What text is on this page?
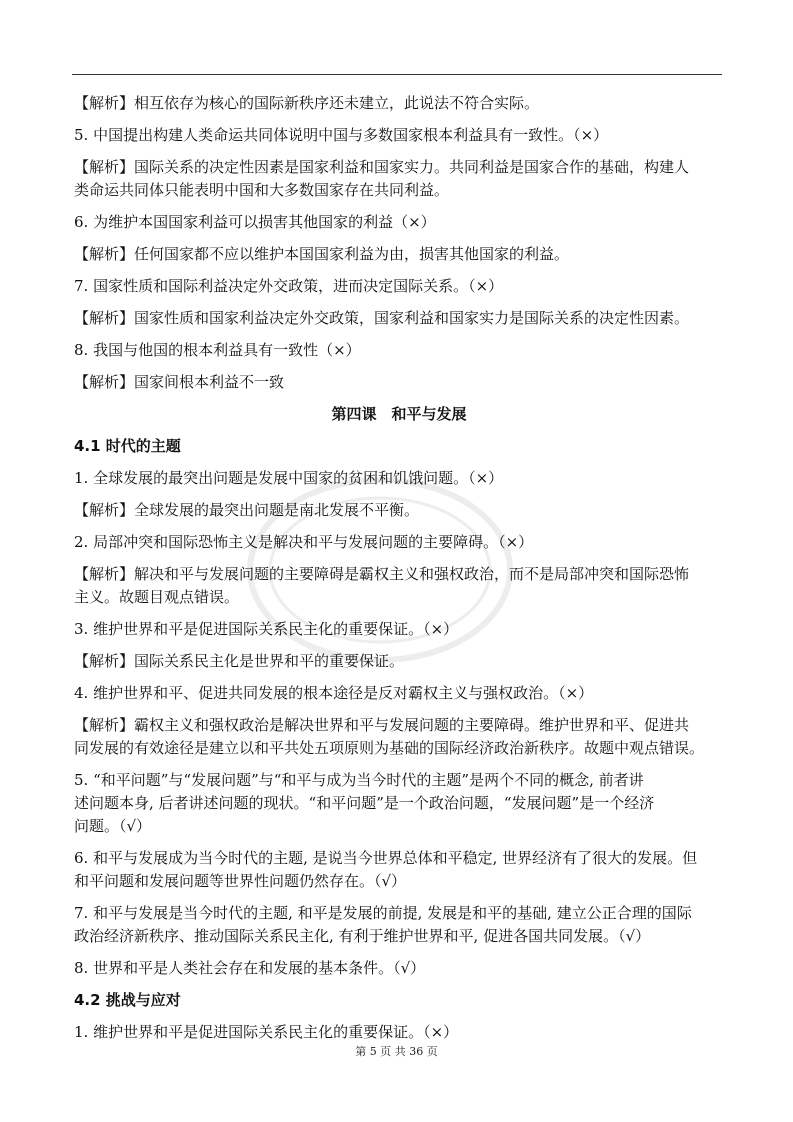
【解析】相互依存为核心的国际新秩序还未建立，此说法不符合实际。
5. 中国提出构建人类命运共同体说明中国与多数国家根本利益具有一致性。（×）
【解析】国际关系的决定性因素是国家利益和国家实力。共同利益是国家合作的基础，构建人
类命运共同体只能表明中国和大多数国家存在共同利益。
6. 为维护本国国家利益可以损害其他国家的利益（×）
【解析】任何国家都不应以维护本国国家利益为由，损害其他国家的利益。
7. 国家性质和国际利益决定外交政策，进而决定国际关系。（×）
【解析】国家性质和国家利益决定外交政策，国家利益和国家实力是国际关系的决定性因素。
8. 我国与他国的根本利益具有一致性（×）
【解析】国家间根本利益不一致
第四课　和平与发展
4.1 时代的主题
1. 全球发展的最突出问题是发展中国家的贫困和饥饿问题。（×）
【解析】全球发展的最突出问题是南北发展不平衡。
2. 局部冲突和国际恐怖主义是解决和平与发展问题的主要障碍。（×）
【解析】解决和平与发展问题的主要障碍是霸权主义和强权政治，而不是局部冲突和国际恐怖
主义。故题目观点错误。
3. 维护世界和平是促进国际关系民主化的重要保证。（×）
【解析】国际关系民主化是世界和平的重要保证。
4. 维护世界和平、促进共同发展的根本途径是反对霸权主义与强权政治。（×）
【解析】霸权主义和强权政治是解决世界和平与发展问题的主要障碍。维护世界和平、促进共
同发展的有效途径是建立以和平共处五项原则为基础的国际经济政治新秩序。故题中观点错误。
5. “和平问题”与“发展问题”与“和平与成为当今时代的主题”是两个不同的概念, 前者讲
述问题本身, 后者讲述问题的现状。“和平问题”是一个政治问题，“发展问题”是一个经济
问题。（√）
6. 和平与发展成为当今时代的主题, 是说当今世界总体和平稳定, 世界经济有了很大的发展。但
和平问题和发展问题等世界性问题仍然存在。（√）
7. 和平与发展是当今时代的主题, 和平是发展的前提, 发展是和平的基础, 建立公正合理的国际
政治经济新秩序、推动国际关系民主化, 有利于维护世界和平, 促进各国共同发展。（√）
8. 世界和平是人类社会存在和发展的基本条件。（√）
4.2 挑战与应对
1. 维护世界和平是促进国际关系民主化的重要保证。（×）
第 5 页 共 36 页
